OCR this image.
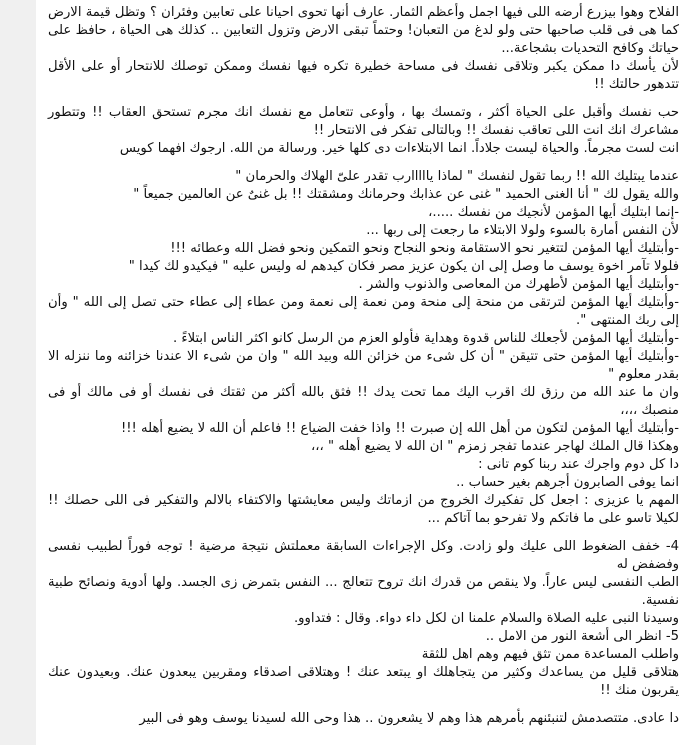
الفلاح وهوا بيزرع أرضه اللى فيها اجمل وأعظم الثمار. عارف أنها تحوى احيانا على تعابين وفئران ؟ وتظل قيمة الارض كما هى فى قلب صاحبها حتى ولو لدغ من التعبان! وحتماً تبقى الارض وتزول التعابين .. كذلك هى الحياة ، حافظ على حياتك وكافح التحديات بشجاعة...

لأن يأسك دا ممكن يكبر وتلاقى نفسك فى مساحة خطيرة تكره فيها نفسك وممكن توصلك للانتحار أو على الأقل تتدهور حالتك !!

حب نفسك وأقبل على الحياة أكثر ، وتمسك بها ، وأوعى تتعامل مع نفسك انك مجرم تستحق العقاب !! وتتطور مشاعرك انك انت اللى تعاقب نفسك !! وبالتالى تفكر فى الانتحار !!

انت لست مجرماً. والحياة ليست جلاداً. انما الابتلاءات دى كلها خير. ورسالة من الله. ارجوك افهما كويس

عندما يبتليك الله !! ربما تقول لنفسك " لماذا يااااارب تقدر علىّ الهلاك والحرمان "

والله يقول لك " أنا الغنى الحميد " غنى عن عذابك وحرمانك ومشقتك !! بل غنىٌ عن العالمين جميعاً "

-إنما ابتليك أيها المؤمن لأنجيك من نفسك .....،

لأن النفس أمارة بالسوء ولولا الابتلاء ما رجعت إلى ربها ...

-وأبتليك أيها المؤمن لتتغير نحو الاستقامة ونحو النجاح ونحو التمكين ونحو فضل الله وعطائه !!!

فلولا تآمر اخوة يوسف ما وصل إلى ان يكون عزيز مصر فكان كيدهم له وليس عليه " فيكيدو لك كيدا "

-وأبتليك أيها المؤمن لأطهرك من المعاصى والذنوب والشر .

-وأبتليك أيها المؤمن لترتقى من منحة إلى منحة ومن نعمة إلى نعمة ومن عطاء إلى عطاء حتى تصل إلى الله " وأن إلى ربك المنتهى ".

-وأبتليك أيها المؤمن لأجعلك للناس قدوة وهداية فأولو العزم من الرسل كانو اكثر الناس ابتلاءً .

-وأبتليك أيها المؤمن حتى تتيقن " أن كل شىء من خزائن الله وبيد الله " وان من شىء الا عندنا خزائنه وما ننزله الا بقدر معلوم "

وان ما عند الله من رزق لك اقرب اليك مما تحت يدك !! فثق بالله أكثر من ثقتك فى نفسك أو فى مالك أو فى منصبك ،،،،

-وأبتليك أيها المؤمن لتكون من أهل الله إن صبرت !! واذا خفت الضياع !! فاعلم أن الله لا يضيع أهله !!!

وهكذا قال الملك لهاجر عندما تفجر زمزم " ان الله لا يضيع أهله " ،،،

دا كل دوم واجرك عند ربنا كوم تانى :

انما يوفى الصابرون أجرهم بغير حساب ..

المهم يا عزيزى : اجعل كل تفكيرك الخروج من ازماتك وليس معايشتها والاكتفاء بالالم والتفكير فى اللى حصلك !! لكيلا تاسو على ما فاتكم ولا تفرحو بما آتاكم ...

4- خفف الضغوط اللى عليك ولو زادت. وكل الإجراءات السابقة معملتش نتيجة مرضية ! توجه فوراً لطبيب نفسى وفضفض له

الطب النفسى ليس عاراً. ولا ينقص من قدرك انك تروح تتعالج ... النفس بتمرض زى الجسد. ولها أدوية ونصائح طبية نفسية.

وسيدنا النبى عليه الصلاة والسلام علمنا ان لكل داء دواء. وقال : فتداوو.

5- انظر الى أشعة النور من الامل ..

واطلب المساعدة ممن تثق فيهم وهم اهل للثقة

هتلاقى قليل من يساعدك وكثير من يتجاهلك او يبتعد عنك ! وهتلاقى اصدقاء ومقربين يبعدون عنك. وبعيدون عنك يقربون منك !!

دا عادى. متتصدمش لتنبئنهم بأمرهم هذا وهم لا يشعرون .. هذا وحى الله لسيدنا يوسف وهو فى البير
